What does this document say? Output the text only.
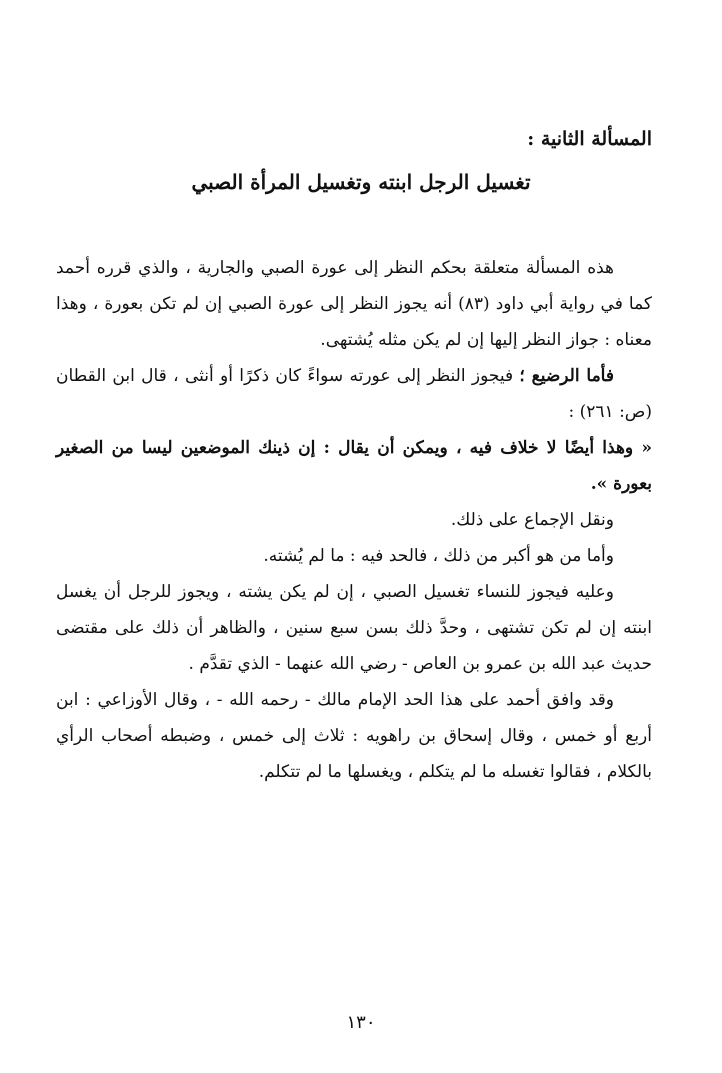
المسألة الثانية :
تغسيل الرجل ابنته وتغسيل المرأة الصبي

هذه المسألة متعلقة بحكم النظر إلى عورة الصبي والجارية ، والذي قرره أحمد كما في رواية أبي داود (٨٣) أنه يجوز النظر إلى عورة الصبي إن لم تكن بعورة ، وهذا معناه : جواز النظر إليها إن لم يكن مثله يُشتهى.

فأما الرضيع ؛ فيجوز النظر إلى عورته سواءً كان ذكرًا أو أنثى ، قال ابن القطان (ص: ٢٦١) :

« وهذا أيضًا لا خلاف فيه ، ويمكن أن يقال : إن ذينك الموضعين ليسا من الصغير بعورة ».

ونقل الإجماع على ذلك.

وأما من هو أكبر من ذلك ، فالحد فيه : ما لم يُشته.

وعليه فيجوز للنساء تغسيل الصبي ، إن لم يكن يشته ، ويجوز للرجل أن يغسل ابنته إن لم تكن تشتهى ، وحدَّ ذلك بسن سبع سنين ، والظاهر أن ذلك على مقتضى حديث عبد الله بن عمرو بن العاص - رضي الله عنهما - الذي تقدَّم .

وقد وافق أحمد على هذا الحد الإمام مالك - رحمه الله - ، وقال الأوزاعي : ابن أربع أو خمس ، وقال إسحاق بن راهويه : ثلاث إلى خمس ، وضبطه أصحاب الرأي بالكلام ، فقالوا تغسله ما لم يتكلم ، ويغسلها ما لم تتكلم.

١٣٠
